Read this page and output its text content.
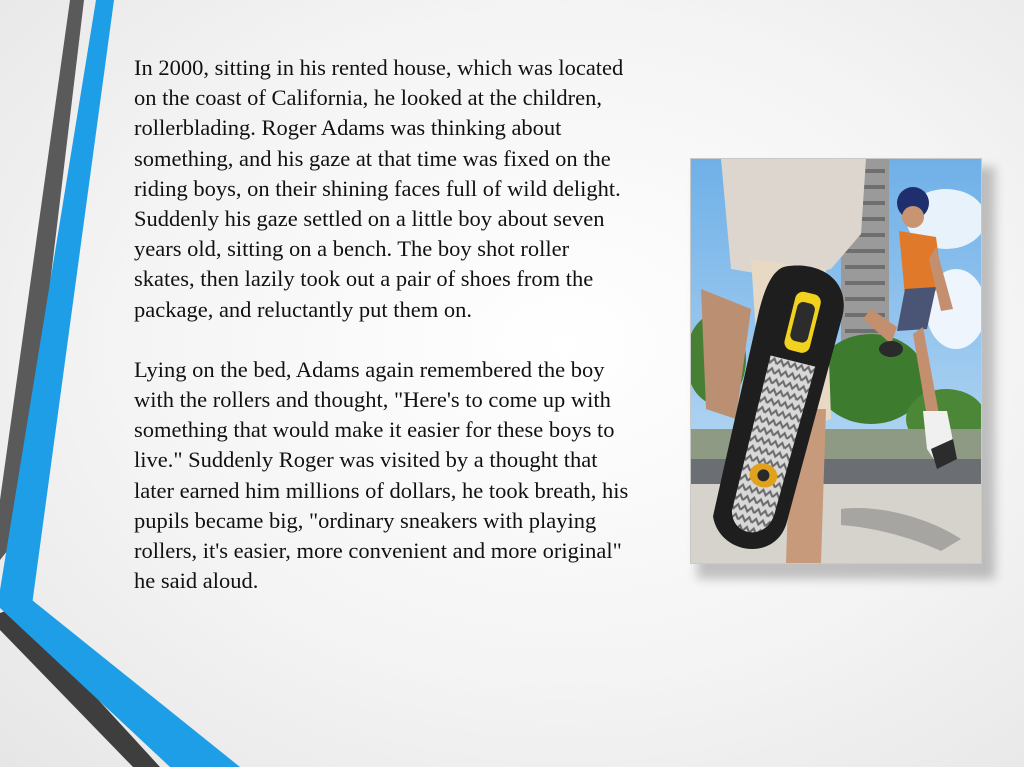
In 2000, sitting in his rented house, which was located on the coast of California, he looked at the children, rollerblading. Roger Adams was thinking about something, and his gaze at that time was fixed on the riding boys, on their shining faces full of wild delight. Suddenly his gaze settled on a little boy about seven years old, sitting on a bench. The boy shot roller skates, then lazily took out a pair of shoes from the package, and reluctantly put them on.

Lying on the bed, Adams again remembered the boy with the rollers and thought, "Here's to come up with something that would make it easier for these boys to live." Suddenly Roger was visited by a thought that later earned him millions of dollars, he took breath, his pupils became big, "ordinary sneakers with playing rollers, it's easier, more convenient and more original" he said aloud.
